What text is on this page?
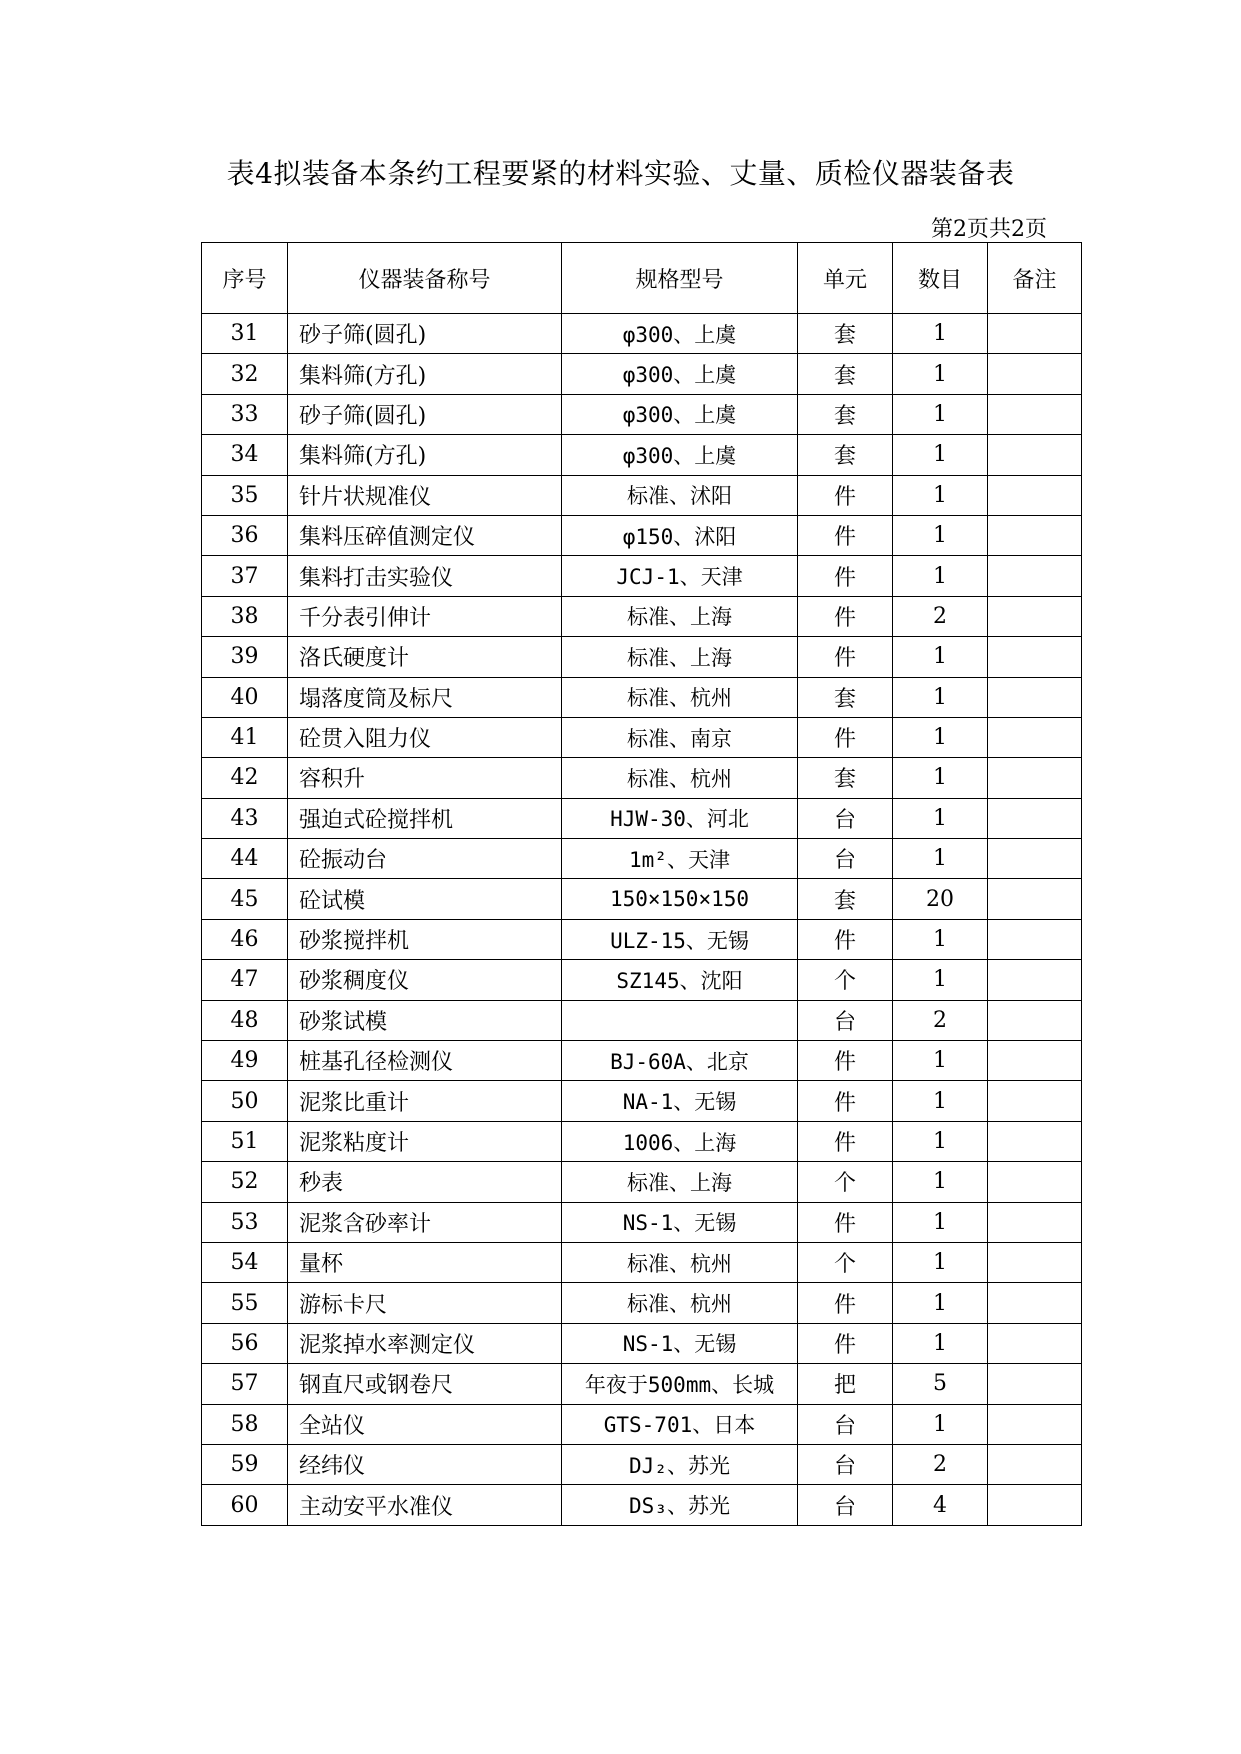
表4拟装备本条约工程要紧的材料实验、丈量、质检仪器装备表
第2页共2页
序号	仪器装备称号	规格型号	单元	数目	备注
31	砂子筛(圆孔)	φ300、上虞	套	1	
32	集料筛(方孔)	φ300、上虞	套	1	
33	砂子筛(圆孔)	φ300、上虞	套	1	
34	集料筛(方孔)	φ300、上虞	套	1	
35	针片状规准仪	标准、沭阳	件	1	
36	集料压碎值测定仪	φ150、沭阳	件	1	
37	集料打击实验仪	JCJ-1、天津	件	1	
38	千分表引伸计	标准、上海	件	2	
39	洛氏硬度计	标准、上海	件	1	
40	塌落度筒及标尺	标准、杭州	套	1	
41	砼贯入阻力仪	标准、南京	件	1	
42	容积升	标准、杭州	套	1	
43	强迫式砼搅拌机	HJW-30、河北	台	1	
44	砼振动台	1m²、天津	台	1	
45	砼试模	150×150×150	套	20	
46	砂浆搅拌机	ULZ-15、无锡	件	1	
47	砂浆稠度仪	SZ145、沈阳	个	1	
48	砂浆试模		台	2	
49	桩基孔径检测仪	BJ-60A、北京	件	1	
50	泥浆比重计	NA-1、无锡	件	1	
51	泥浆粘度计	1006、上海	件	1	
52	秒表	标准、上海	个	1	
53	泥浆含砂率计	NS-1、无锡	件	1	
54	量杯	标准、杭州	个	1	
55	游标卡尺	标准、杭州	件	1	
56	泥浆掉水率测定仪	NS-1、无锡	件	1	
57	钢直尺或钢卷尺	年夜于500mm、长城	把	5	
58	全站仪	GTS-701、日本	台	1	
59	经纬仪	DJ₂、苏光	台	2	
60	主动安平水准仪	DS₃、苏光	台	4	
